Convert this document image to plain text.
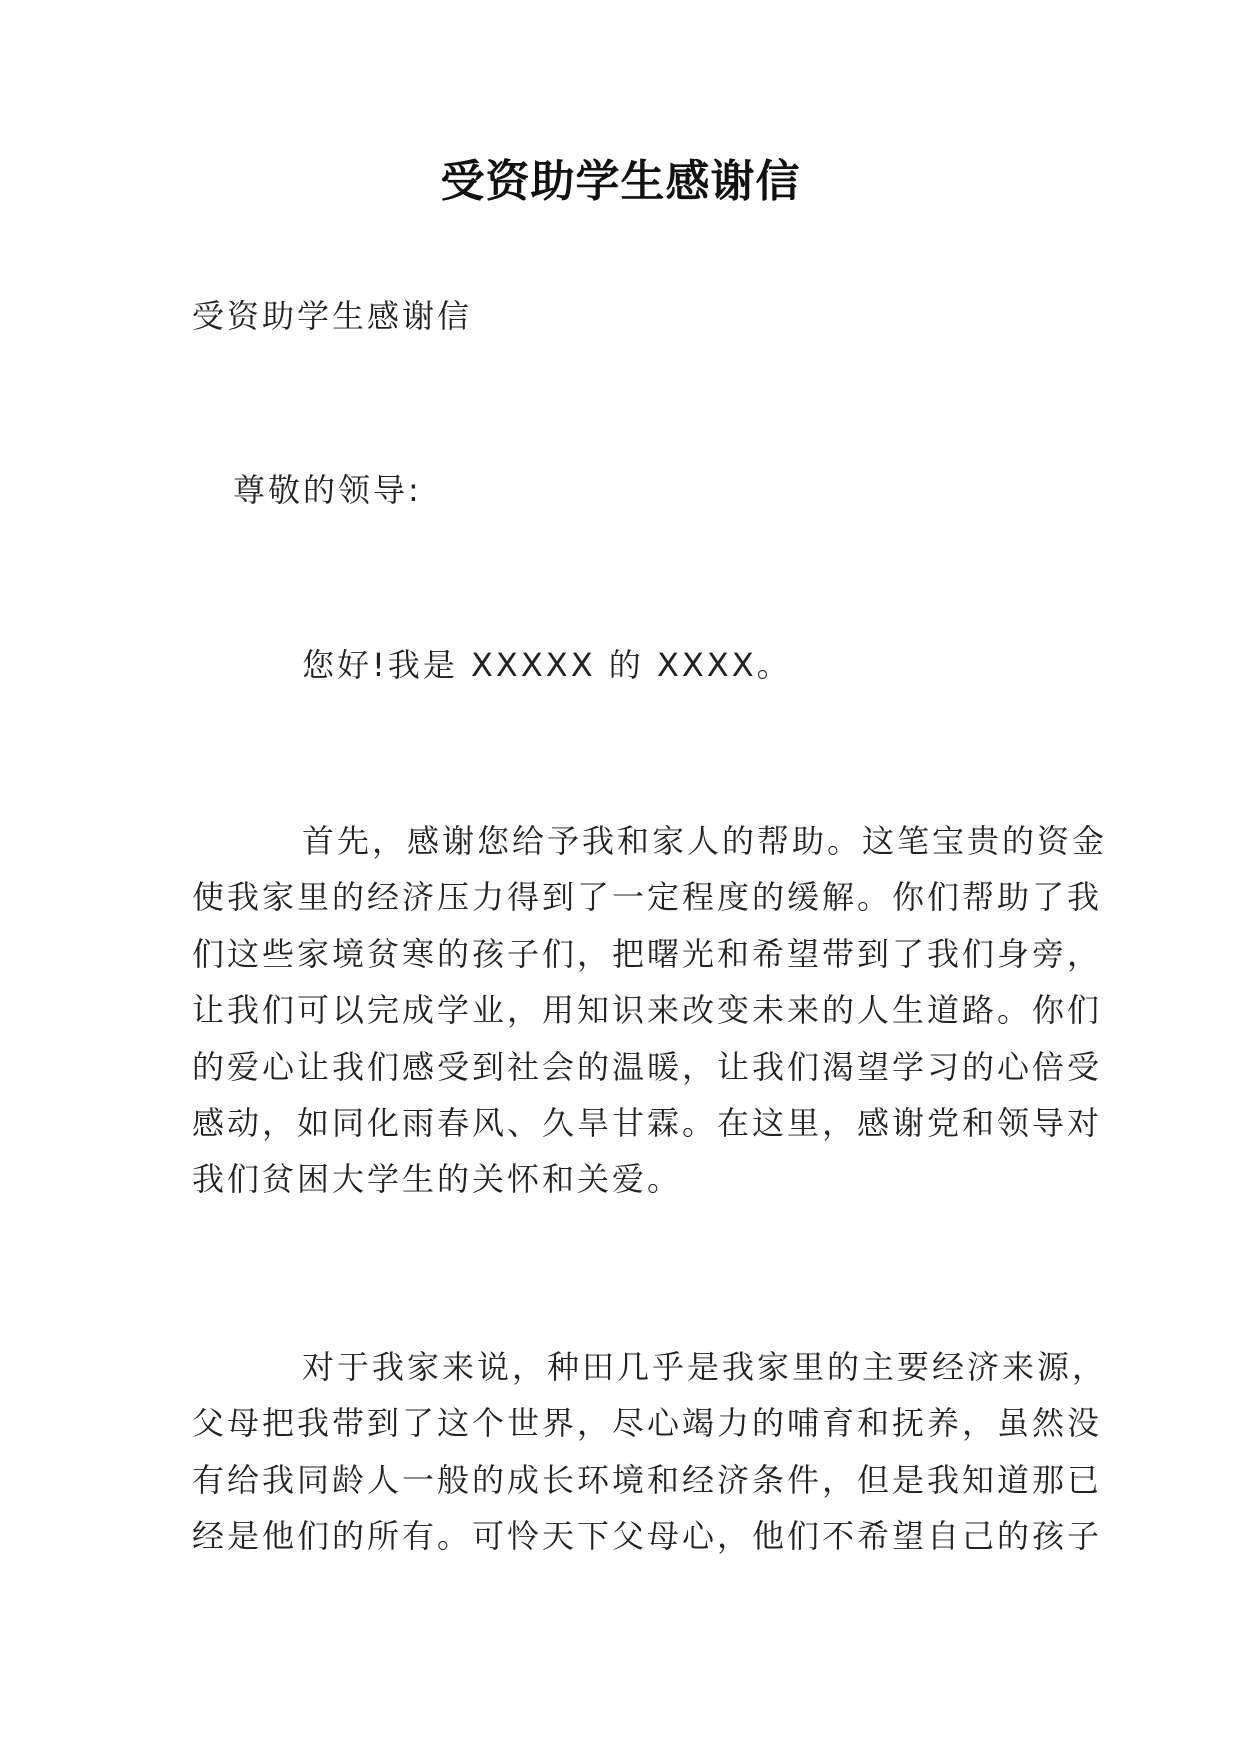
受资助学生感谢信
受资助学生感谢信
尊敬的领导:
您好!我是 XXXXX 的 XXXX。
首先，感谢您给予我和家人的帮助。这笔宝贵的资金
使我家里的经济压力得到了一定程度的缓解。你们帮助了我
们这些家境贫寒的孩子们，把曙光和希望带到了我们身旁，
让我们可以完成学业，用知识来改变未来的人生道路。你们
的爱心让我们感受到社会的温暖，让我们渴望学习的心倍受
感动，如同化雨春风、久旱甘霖。在这里，感谢党和领导对
我们贫困大学生的关怀和关爱。
对于我家来说，种田几乎是我家里的主要经济来源，
父母把我带到了这个世界，尽心竭力的哺育和抚养，虽然没
有给我同龄人一般的成长环境和经济条件，但是我知道那已
经是他们的所有。可怜天下父母心，他们不希望自己的孩子
